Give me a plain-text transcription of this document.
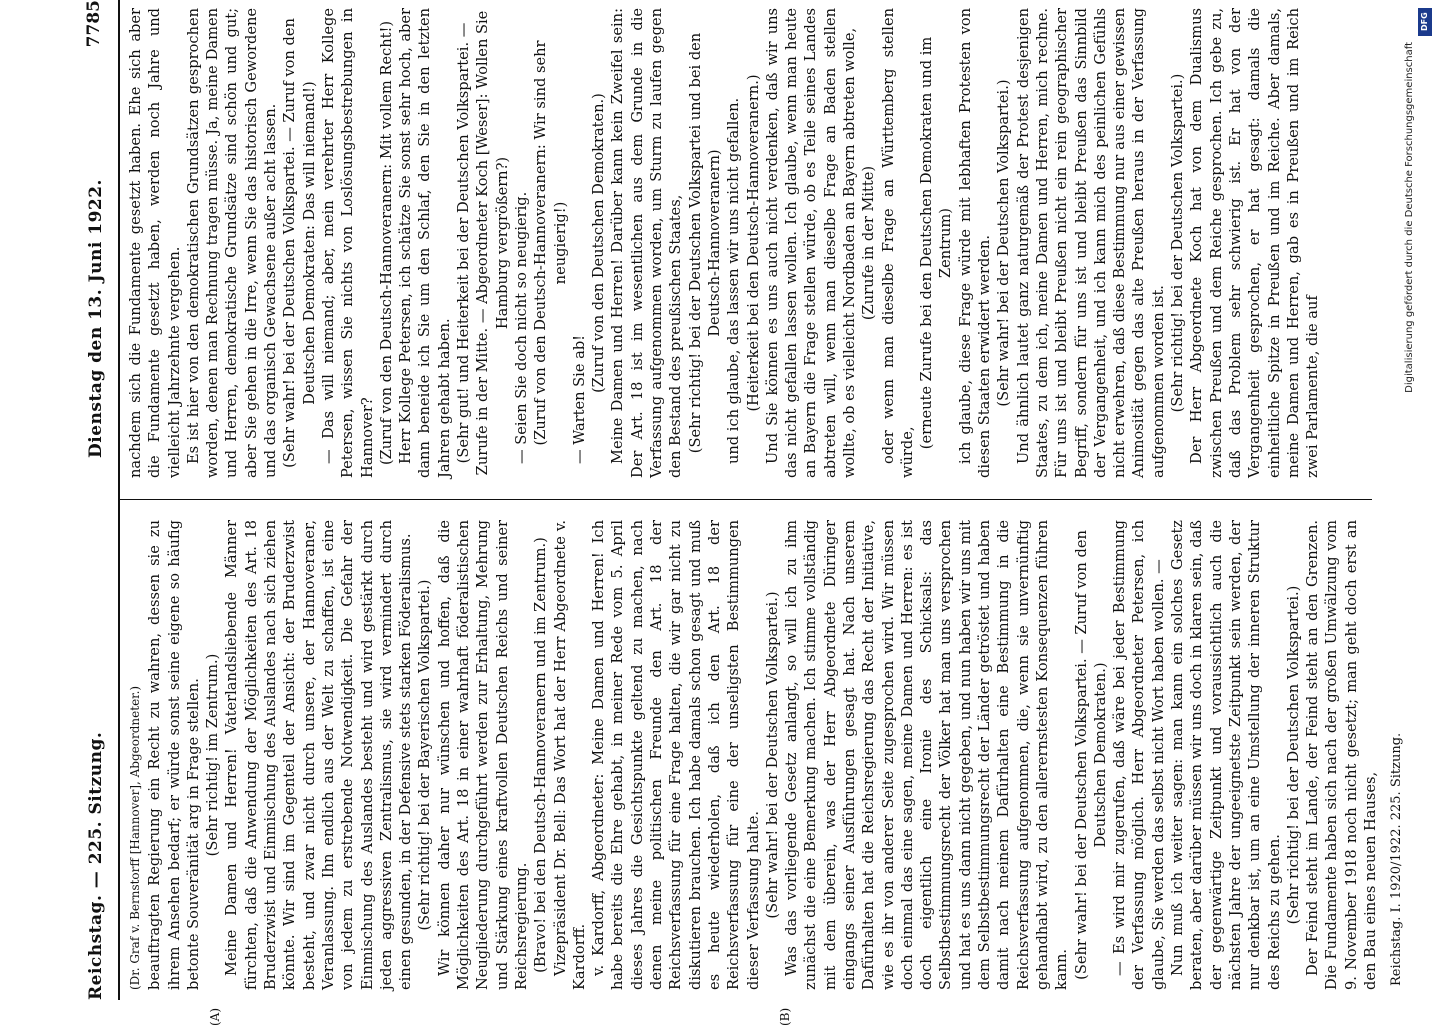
Reichstag. — 225. Sitzung.
Dienstag den 13. Juni 1922.
7785
(A)	(B)

(Dr. Graf v. Bernstorff [Hannover], Abgeordneter.) beauftragten Regierung ein Recht zu wahren, dessen sie zu ihrem Ansehen bedarf; er würde sonst seine eigene so häufig betonte Souveränität arg in Frage stellen. (Sehr richtig! im Zentrum.) Meine Damen und Herren! Vaterlandsliebende Männer fürchten, daß die Anwendung der Möglichkeiten des Art. 18 Bruderzwist und Einmischung des Auslandes nach sich ziehen könnte. Wir sind im Gegenteil der Ansicht: der Bruderzwist besteht, und zwar nicht durch unsere, der Hannoveraner, Veranlassung. Ihn endlich aus der Welt zu schaffen, ist eine von jedem zu erstrebende Notwendigkeit. Die Gefahr der Einmischung des Auslandes besteht und wird gestärkt durch jeden aggressiven Zentralismus, sie wird vermindert durch einen gesunden, in der Defensive stets starken Föderalismus. (Sehr richtig! bei der Bayerischen Volkspartei.) Wir können daher nur wünschen und hoffen, daß die Möglichkeiten des Art. 18 in einer wahrhaft föderalistischen Neugliederung durchgeführt werden zur Erhaltung, Mehrung und Stärkung eines kraftvollen Deutschen Reichs und seiner Reichsregierung. (Bravo! bei den Deutsch-Hannoveranern und im Zentrum.) Vizepräsident Dr. Bell: Das Wort hat der Herr Abgeordnete v. Kardorff. v. Kardorff, Abgeordneter: Meine Damen und Herren! Ich habe bereits die Ehre gehabt, in meiner Rede vom 5. April dieses Jahres die Gesichtspunkte geltend zu machen, nach denen meine politischen Freunde den Art. 18 der Reichsverfassung für eine Frage halten, die wir gar nicht zu diskutieren brauchen. Ich habe damals schon gesagt und muß es heute wiederholen, daß ich den Art. 18 der Reichsverfassung für eine der unseligsten Bestimmungen dieser Verfassung halte. (Sehr wahr! bei der Deutschen Volkspartei.) Was das vorliegende Gesetz anlangt, so will ich zu ihm zunächst die eine Bemerkung machen. Ich stimme vollständig mit dem überein, was der Herr Abgeordnete Düringer eingangs seiner Ausführungen gesagt hat. Nach unserem Dafürhalten hat die Reichsregierung das Recht der Initiative, wie es ihr von anderer Seite zugesprochen wird. Wir müssen doch einmal das eine sagen, meine Damen und Herren: es ist doch eigentlich eine Ironie des Schicksals: das Selbstbestimmungsrecht der Völker hat man uns versprochen und hat es uns dann nicht gegeben, und nun haben wir uns mit dem Selbstbestimmungsrecht der Länder getröstet und haben damit nach meinem Dafürhalten eine Bestimmung in die Reichsverfassung aufgenommen, die, wenn sie unvernünftig gehandhabt wird, zu den allerernstesten Konsequenzen führen kann. (Sehr wahr! bei der Deutschen Volkspartei. — Zuruf von den Deutschen Demokraten.) — Es wird mir zugerufen, daß wäre bei jeder Bestimmung der Verfassung möglich. Herr Abgeordneter Petersen, ich glaube, Sie werden das selbst nicht Wort haben wollen. — Nun muß ich weiter sagen: man kann ein solches Gesetz beraten, aber darüber müssen wir uns doch in klaren sein, daß der gegenwärtige Zeitpunkt und voraussichtlich auch die nächsten Jahre der ungeeignetste Zeitpunkt sein werden, der nur denkbar ist, um an eine Umstellung der inneren Struktur des Reichs zu gehen. (Sehr richtig! bei der Deutschen Volkspartei.) Der Feind steht im Lande, der Feind steht an den Grenzen. Die Fundamente haben sich nach der großen Umwälzung vom 9. November 1918 noch nicht gesetzt; man geht doch erst an den Bau eines neuen Hauses,

nachdem sich die Fundamente gesetzt haben. Ehe sich aber die Fundamente gesetzt haben, werden noch Jahre und vielleicht Jahrzehnte vergehen. Es ist hier von den demokratischen Grundsätzen gesprochen worden, denen man Rechnung tragen müsse. Ja, meine Damen und Herren, demokratische Grundsätze sind schön und gut; aber Sie gehen in die Irre, wenn Sie das historisch Gewordene und das organisch Gewachsene außer acht lassen. (Sehr wahr! bei der Deutschen Volkspartei. — Zuruf von den Deutschen Demokraten: Das will niemand!) — Das will niemand; aber, mein verehrter Herr Kollege Petersen, wissen Sie nichts von Loslösungsbestrebungen in Hannover? (Zuruf von den Deutsch-Hannoveranern: Mit vollem Recht!) Herr Kollege Petersen, ich schätze Sie sonst sehr hoch, aber dann beneide ich Sie um den Schlaf, den Sie in den letzten Jahren gehabt haben. (Sehr gut! und Heiterkeit bei der Deutschen Volkspartei. — Zurufe in der Mitte. — Abgeordneter Koch [Weser]: Wollen Sie Hamburg vergrößern?) — Seien Sie doch nicht so neugierig. (Zuruf von den Deutsch-Hannoveranern: Wir sind sehr neugierig!)

— Warten Sie ab!

(Zuruf von den Deutschen Demokraten.) Meine Damen und Herren! Darüber kann kein Zweifel sein: Der Art. 18 ist im wesentlichen aus dem Grunde in die Verfassung aufgenommen worden, um Sturm zu laufen gegen den Bestand des preußischen Staates, (Sehr richtig! bei der Deutschen Volkspartei und bei den Deutsch-Hannoveranern) und ich glaube, das lassen wir uns nicht gefallen. (Heiterkeit bei den Deutsch-Hannoveranern.) Und Sie können es uns auch nicht verdenken, daß wir uns das nicht gefallen lassen wollen. Ich glaube, wenn man heute an Bayern die Frage stellen würde, ob es Teile seines Landes abtreten will, wenn man dieselbe Frage an Baden stellen wollte, ob es vielleicht Nordbaden an Bayern abtreten wolle, (Zurufe in der Mitte) oder wenn man dieselbe Frage an Württemberg stellen würde,

(erneute Zurufe bei den Deutschen Demokraten und im Zentrum) ich glaube, diese Frage würde mit lebhaften Protesten von diesen Staaten erwidert werden. (Sehr wahr! bei der Deutschen Volkspartei.) Und ähnlich lautet ganz naturgemäß der Protest desjenigen Staates, zu dem ich, meine Damen und Herren, mich rechne. Für uns ist und bleibt Preußen nicht ein rein geographischer Begriff, sondern für uns ist und bleibt Preußen das Sinnbild der Vergangenheit, und ich kann mich des peinlichen Gefühls nicht erwehren, daß diese Bestimmung nur aus einer gewissen Animosität gegen das alte Preußen heraus in der Verfassung aufgenommen worden ist. (Sehr richtig! bei der Deutschen Volkspartei.) Der Herr Abgeordnete Koch hat von dem Dualismus zwischen Preußen und dem Reiche gesprochen. Ich gebe zu, daß das Problem sehr schwierig ist. Er hat von der Vergangenheit gesprochen, er hat gesagt: damals die einheitliche Spitze in Preußen und im Reiche. Aber damals, meine Damen und Herren, gab es in Preußen und im Reich zwei Parlamente, die auf

Reichstag. I. 1920/1922. 225. Sitzung.
DFG
Digitalisierung gefördert durch die Deutsche Forschungsgemeinschaft
